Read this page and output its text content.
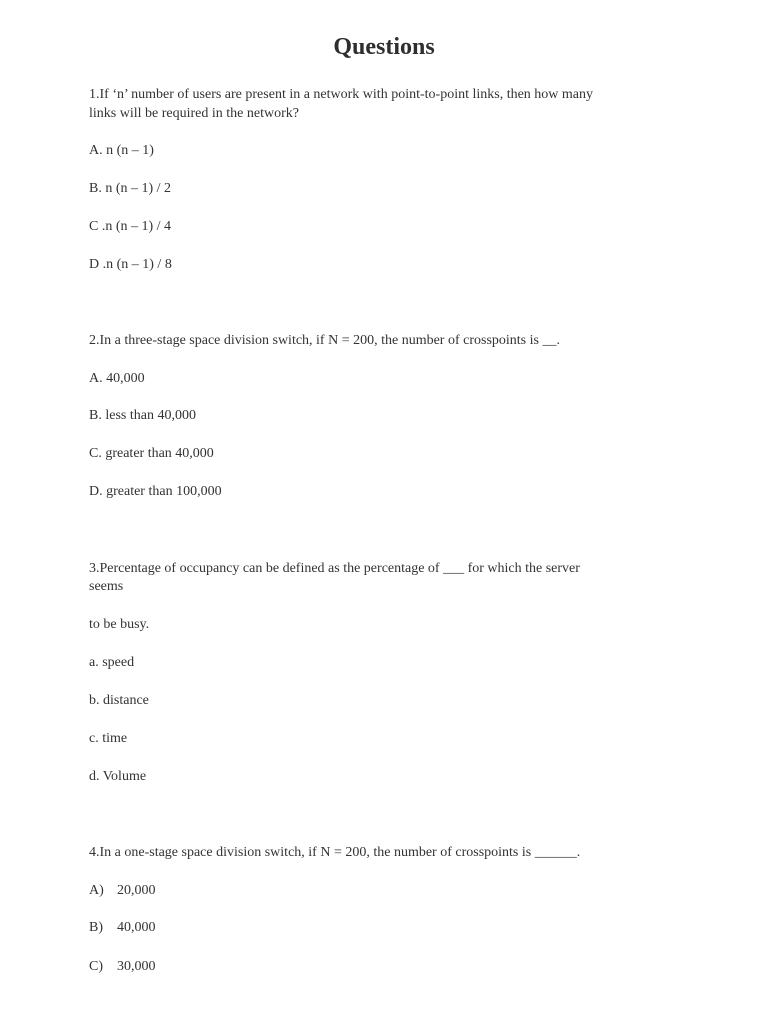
Questions
1.If ‘n’ number of users are present in a network with point-to-point links, then how many
links will be required in the network?
A. n (n – 1)
B. n (n – 1) / 2
C .n (n – 1) / 4
D .n (n – 1) / 8
2.In a three-stage space division switch, if N = 200, the number of crosspoints is __.
A. 40,000
B. less than 40,000
C. greater than 40,000
D. greater than 100,000
3.Percentage of occupancy can be defined as the percentage of ___ for which the server
seems
to be busy.
a. speed
b. distance
c. time
d. Volume
4.In a one-stage space division switch, if N = 200, the number of crosspoints is ______.
A) 20,000
B) 40,000
C) 30,000
